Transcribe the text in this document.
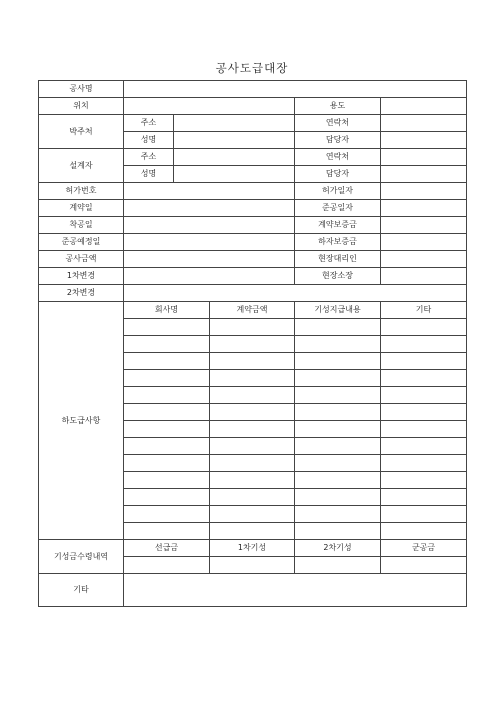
공사도급대장
공사명					
위치				용도	
박주처	주소			연락처	
	성명			담당자	
설계자	주소			연락처	
	성명			담당자	
허가번호				허가일자	
계약일				준공일자	
착공일				계약보증금	
준공예정일				하자보증금	
공사금액				현장대리인	
1차변경				현장소장	
2차변경					
하도급사항	회사명		계약금액	기성지급내용	기타

기성금수령내역	선급금		1차기성	2차기성	군공금

기타					
